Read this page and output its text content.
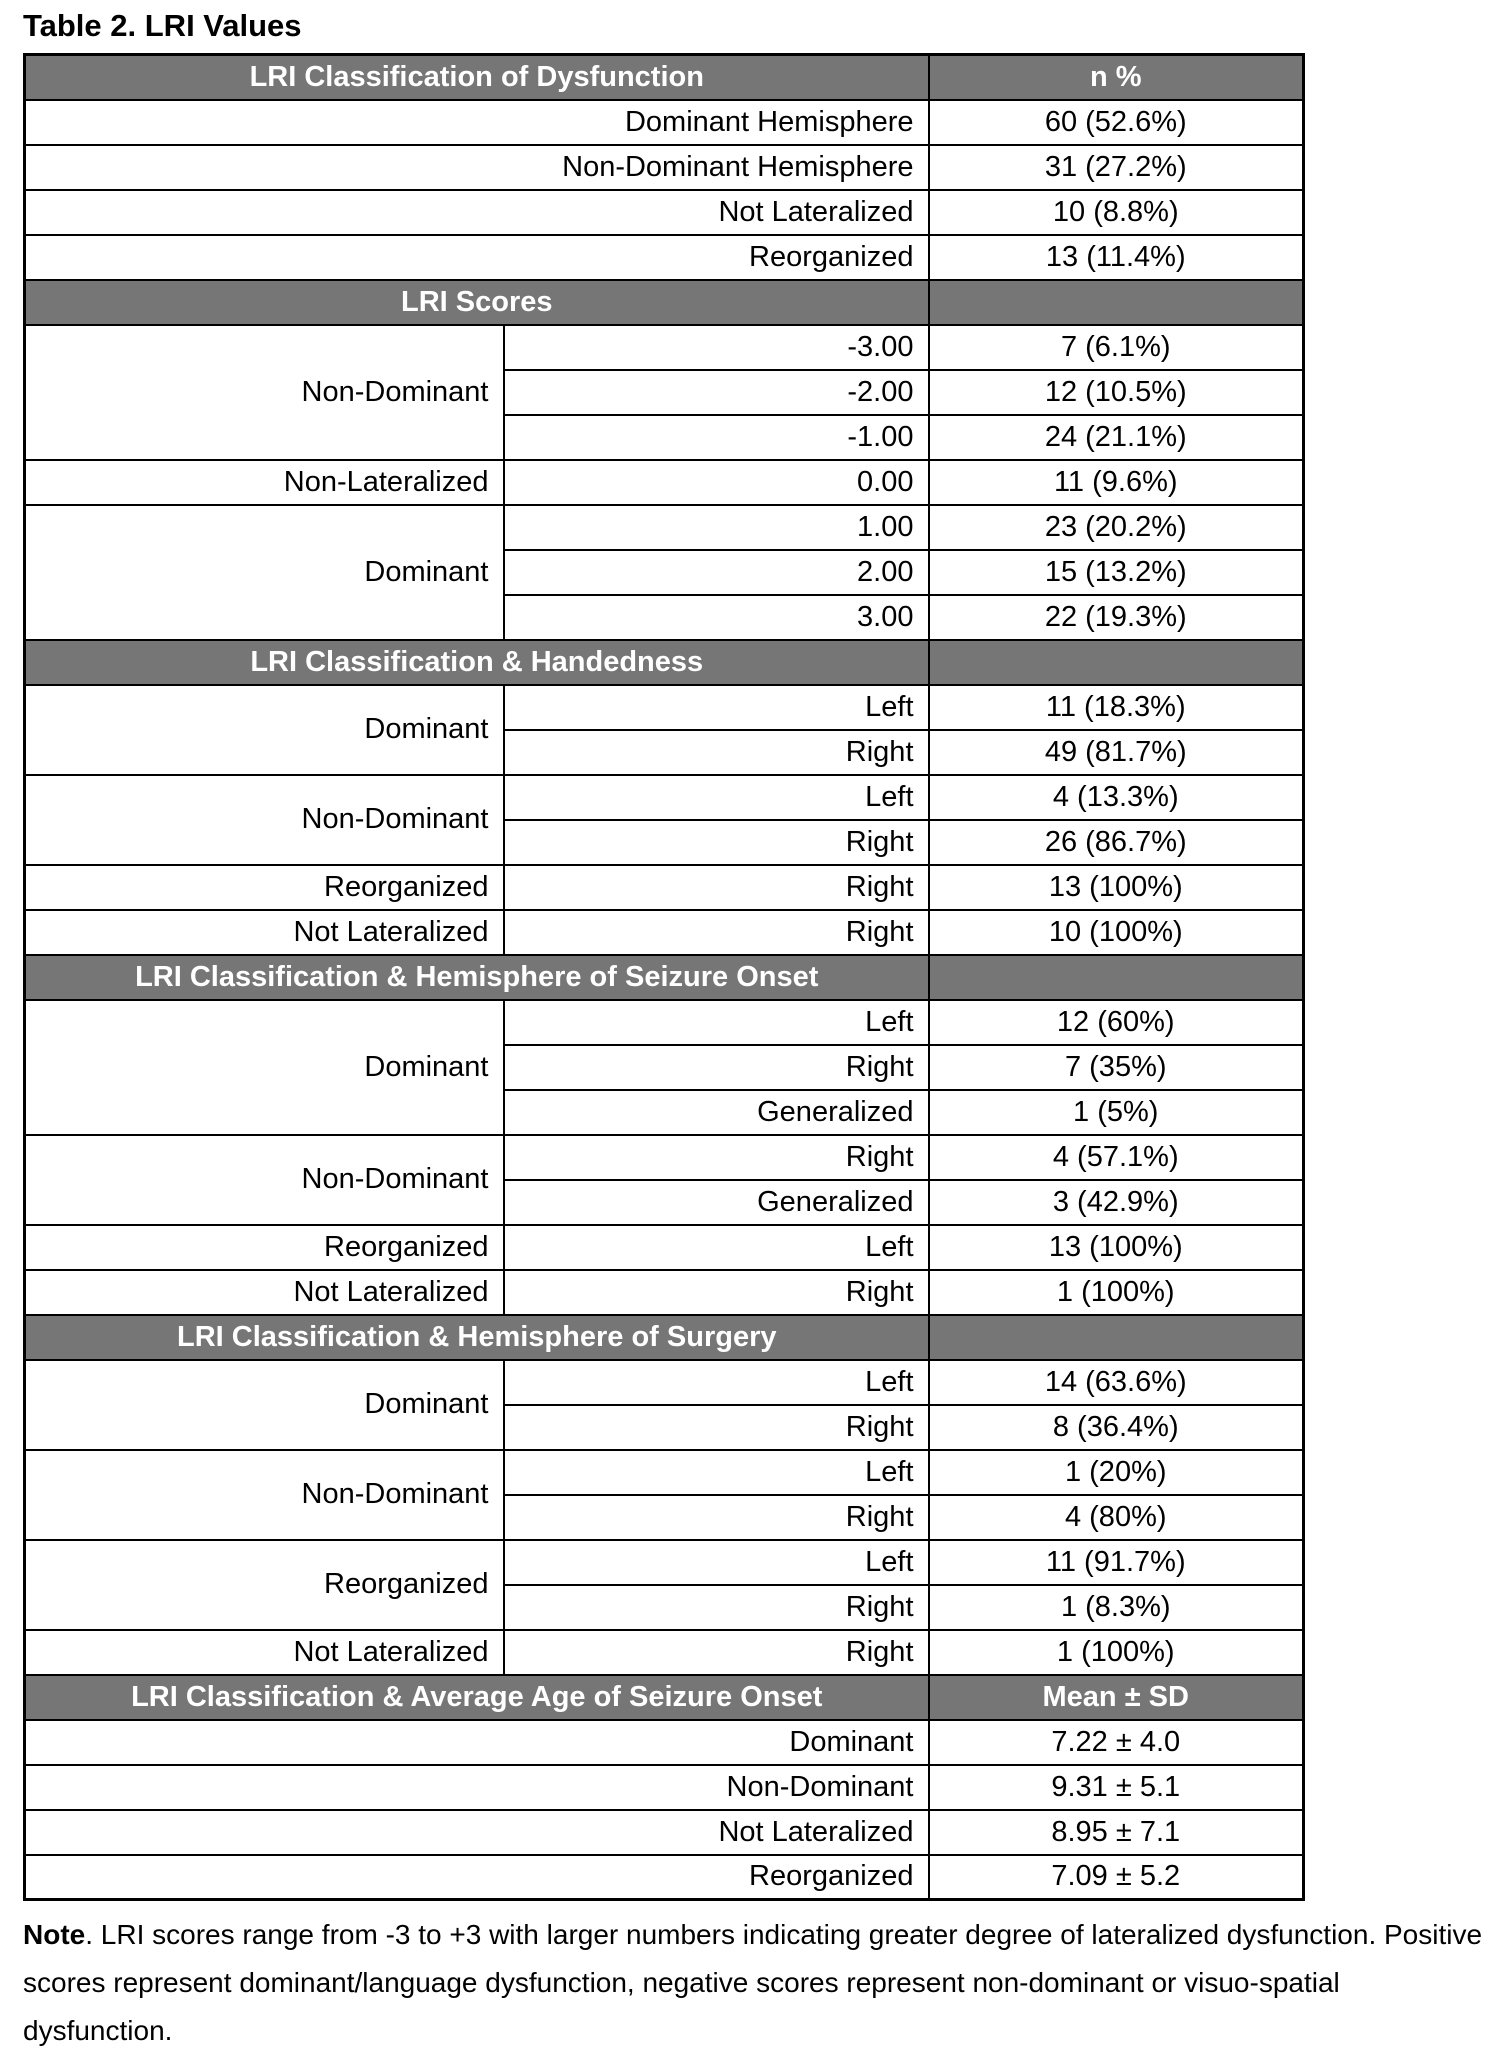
Table 2. LRI Values
LRI Classification of Dysfunction		n %
Dominant Hemisphere		60 (52.6%)
Non-Dominant Hemisphere		31 (27.2%)
Not Lateralized		10 (8.8%)
Reorganized		13 (11.4%)
LRI Scores		
Non-Dominant	-3.00	7 (6.1%)
	-2.00	12 (10.5%)
	-1.00	24 (21.1%)
Non-Lateralized	0.00	11 (9.6%)
Dominant	1.00	23 (20.2%)
	2.00	15 (13.2%)
	3.00	22 (19.3%)
LRI Classification & Handedness		
Dominant	Left	11 (18.3%)
	Right	49 (81.7%)
Non-Dominant	Left	4 (13.3%)
	Right	26 (86.7%)
Reorganized	Right	13 (100%)
Not Lateralized	Right	10 (100%)
LRI Classification & Hemisphere of Seizure Onset		
Dominant	Left	12 (60%)
	Right	7 (35%)
	Generalized	1 (5%)
Non-Dominant	Right	4 (57.1%)
	Generalized	3 (42.9%)
Reorganized	Left	13 (100%)
Not Lateralized	Right	1 (100%)
LRI Classification & Hemisphere of Surgery		
Dominant	Left	14 (63.6%)
	Right	8 (36.4%)
Non-Dominant	Left	1 (20%)
	Right	4 (80%)
Reorganized	Left	11 (91.7%)
	Right	1 (8.3%)
Not Lateralized	Right	1 (100%)
LRI Classification & Average Age of Seizure Onset		Mean ± SD
Dominant		7.22 ± 4.0
Non-Dominant		9.31 ± 5.1
Not Lateralized		8.95 ± 7.1
Reorganized		7.09 ± 5.2
Note. LRI scores range from -3 to +3 with larger numbers indicating greater degree of lateralized dysfunction. Positive scores represent dominant/language dysfunction, negative scores represent non-dominant or visuo-spatial dysfunction.
